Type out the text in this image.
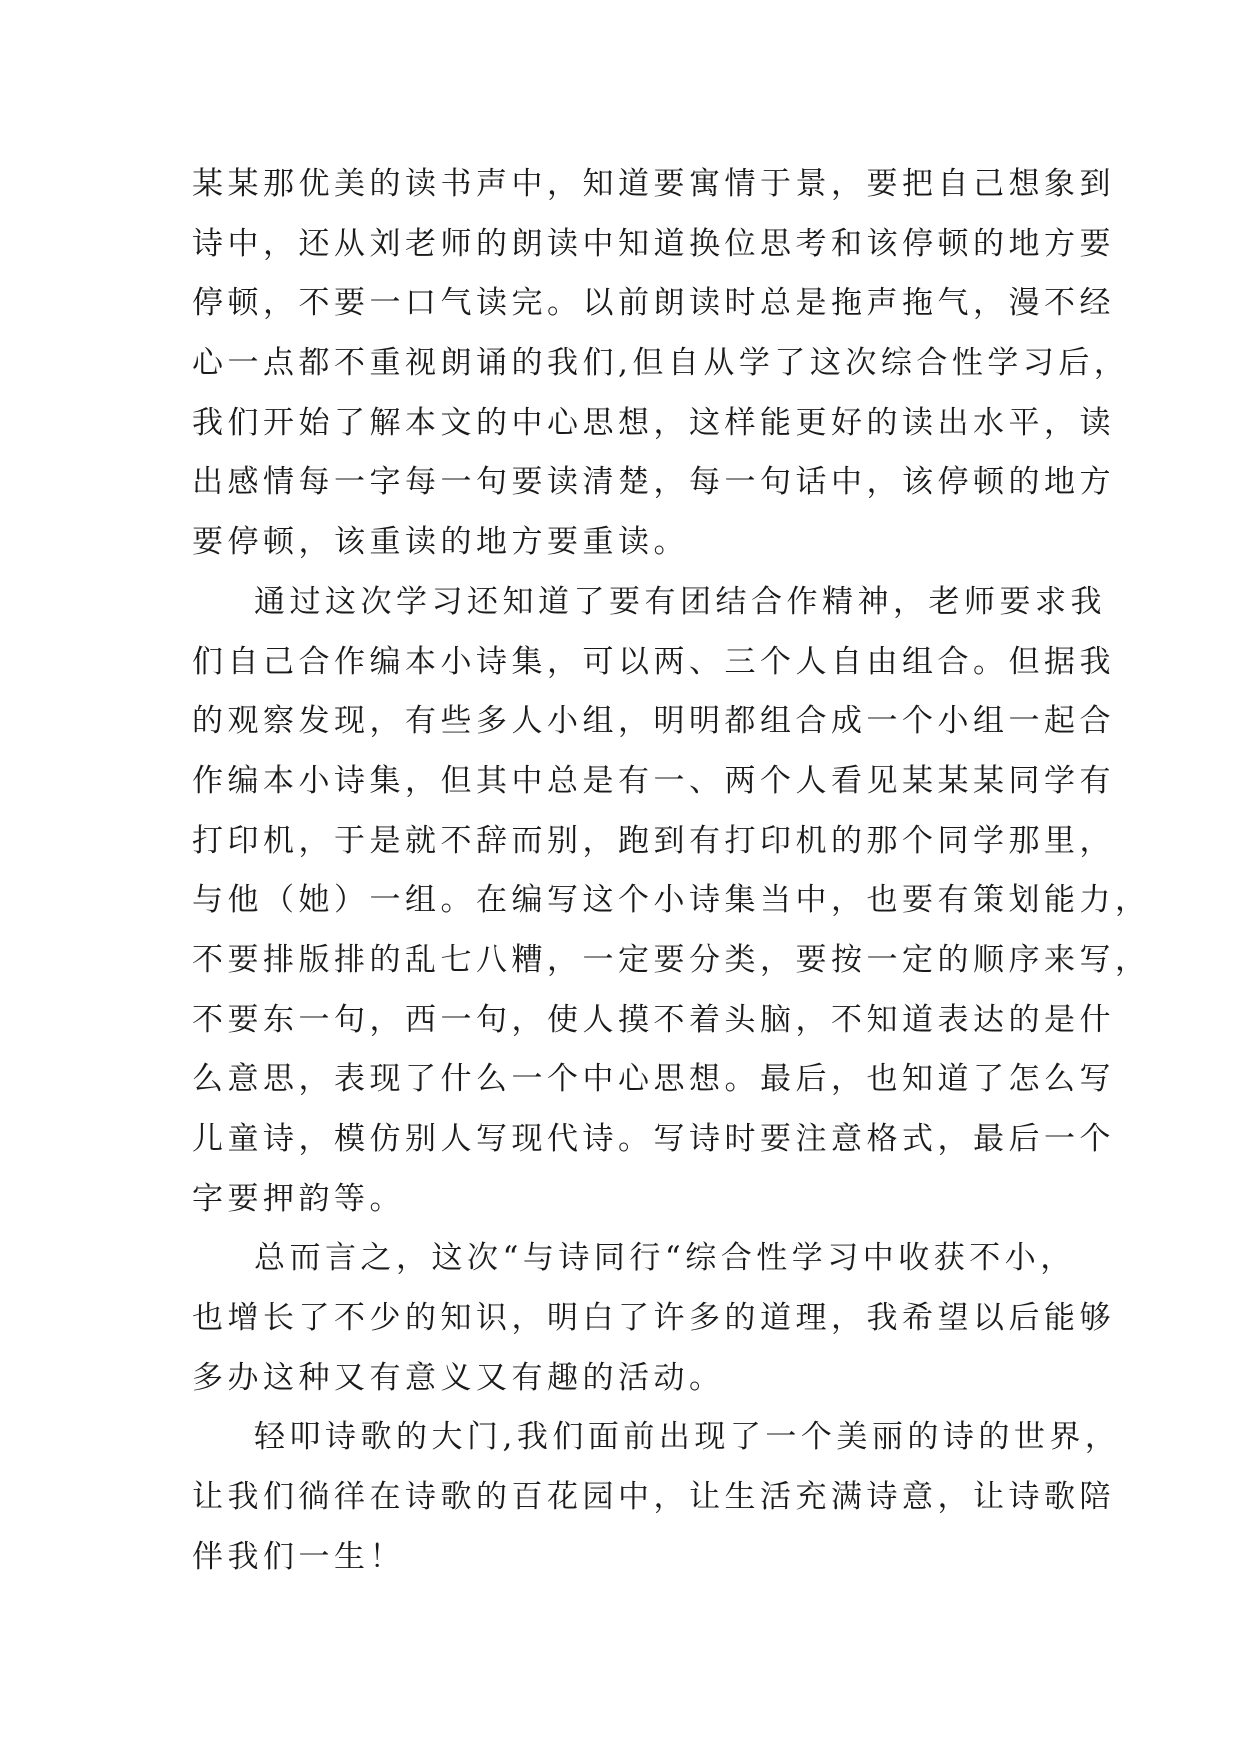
某某那优美的读书声中，知道要寓情于景，要把自己想象到
诗中，还从刘老师的朗读中知道换位思考和该停顿的地方要
停顿，不要一口气读完。以前朗读时总是拖声拖气，漫不经
心一点都不重视朗诵的我们,但自从学了这次综合性学习后，
我们开始了解本文的中心思想，这样能更好的读出水平，读
出感情每一字每一句要读清楚，每一句话中，该停顿的地方
要停顿，该重读的地方要重读。
通过这次学习还知道了要有团结合作精神，老师要求我
们自己合作编本小诗集，可以两、三个人自由组合。但据我
的观察发现，有些多人小组，明明都组合成一个小组一起合
作编本小诗集，但其中总是有一、两个人看见某某某同学有
打印机，于是就不辞而别，跑到有打印机的那个同学那里，
与他（她）一组。在编写这个小诗集当中，也要有策划能力，
不要排版排的乱七八糟，一定要分类，要按一定的顺序来写，
不要东一句，西一句，使人摸不着头脑，不知道表达的是什
么意思，表现了什么一个中心思想。最后，也知道了怎么写
儿童诗，模仿别人写现代诗。写诗时要注意格式，最后一个
字要押韵等。
总而言之，这次“与诗同行“综合性学习中收获不小，
也增长了不少的知识，明白了许多的道理，我希望以后能够
多办这种又有意义又有趣的活动。
轻叩诗歌的大门,我们面前出现了一个美丽的诗的世界，
让我们徜徉在诗歌的百花园中，让生活充满诗意，让诗歌陪
伴我们一生！
